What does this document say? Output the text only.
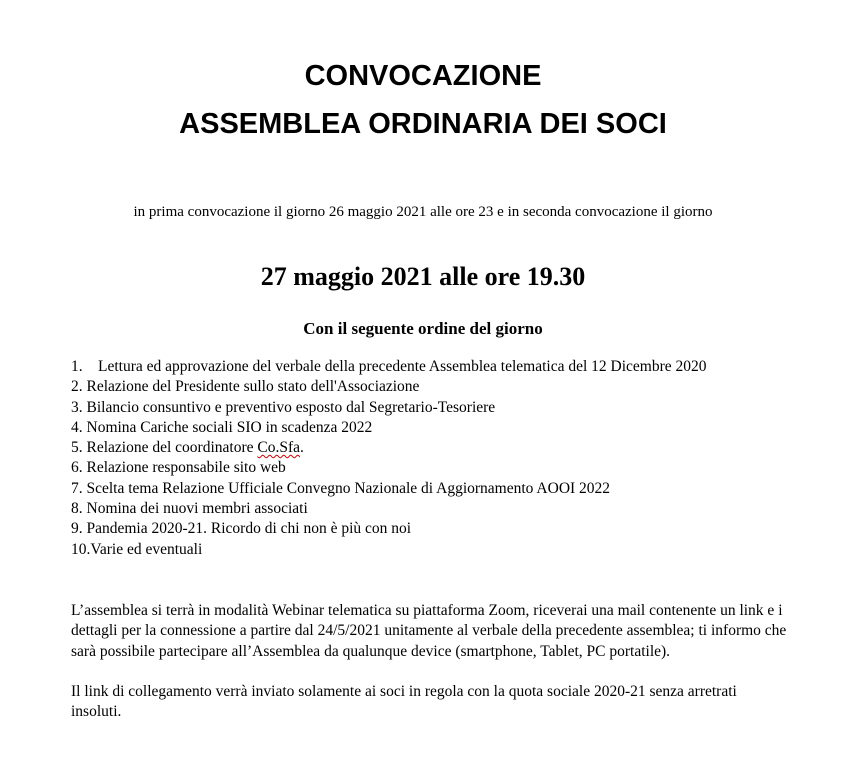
CONVOCAZIONE
ASSEMBLEA ORDINARIA DEI SOCI

in prima convocazione il giorno 26 maggio 2021 alle ore 23 e in seconda convocazione il giorno

27 maggio 2021 alle ore 19.30

Con il seguente ordine del giorno

1. Lettura ed approvazione del verbale della precedente Assemblea telematica del 12 Dicembre 2020
2. Relazione del Presidente sullo stato dell'Associazione
3. Bilancio consuntivo e preventivo esposto dal Segretario-Tesoriere
4. Nomina Cariche sociali SIO in scadenza 2022
5. Relazione del coordinatore Co.Sfa.
6. Relazione responsabile sito web
7. Scelta tema Relazione Ufficiale Convegno Nazionale di Aggiornamento AOOI 2022
8. Nomina dei nuovi membri associati
9. Pandemia 2020-21. Ricordo di chi non è più con noi
10.Varie ed eventuali

L’assemblea si terrà in modalità Webinar telematica su piattaforma Zoom, riceverai una mail contenente un link e i dettagli per la connessione a partire dal 24/5/2021 unitamente al verbale della precedente assemblea; ti informo che sarà possibile partecipare all’Assemblea da qualunque device (smartphone, Tablet, PC portatile).

Il link di collegamento verrà inviato solamente ai soci in regola con la quota sociale 2020-21 senza arretrati insoluti.
